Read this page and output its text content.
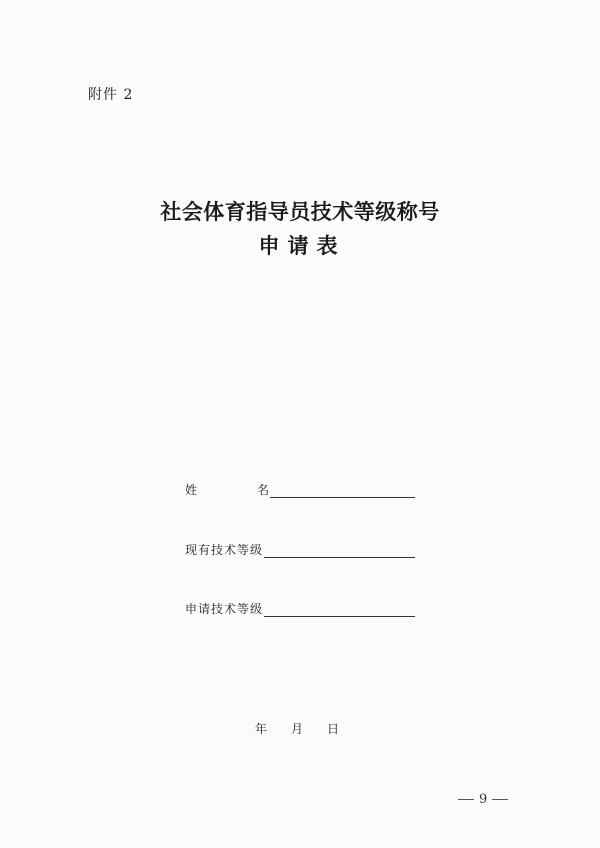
附件 2
社会体育指导员技术等级称号
申请表
姓名
现有技术等级
申请技术等级
年 月 日
9
